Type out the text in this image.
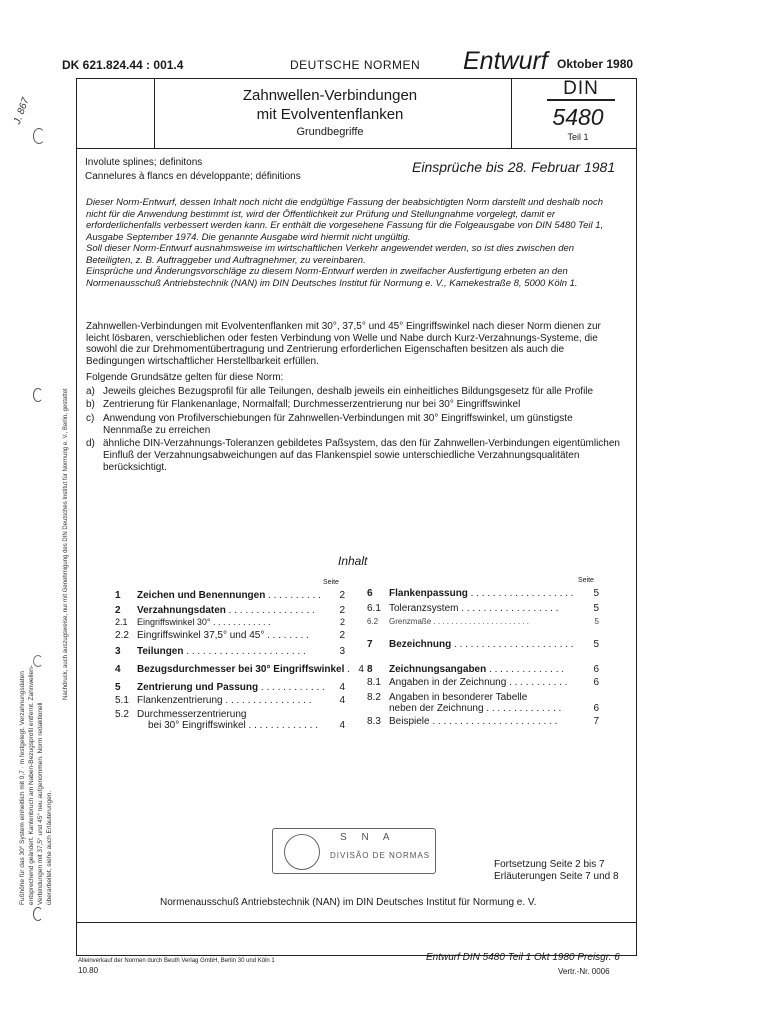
DK 621.824.44 : 001.4	DEUTSCHE NORMEN Entwurf Oktober 1980
J. 867
Zahnwellen-Verbindungen
mit Evolventenflanken
Grundbegriffe
DIN
5480
Teil 1
Involute splines; definitons
Cannelures à flancs en développante; définitions
Einsprüche bis 28. Februar 1981

Dieser Norm-Entwurf, dessen Inhalt noch nicht die endgültige Fassung der beabsichtigten Norm darstellt und deshalb noch nicht für die Anwendung bestimmt ist, wird der Öffentlichkeit zur Prüfung und Stellungnahme vorgelegt, damit er erforderlichenfalls verbessert werden kann. Er enthält die vorgesehene Fassung für die Folgeausgabe von DIN 5480 Teil 1, Ausgabe September 1974. Die genannte Ausgabe wird hiermit nicht ungültig.

Soll dieser Norm-Entwurf ausnahmsweise im wirtschaftlichen Verkehr angewendet werden, so ist dies zwischen den Beteiligten, z. B. Auftraggeber und Auftragnehmer, zu vereinbaren.

Einsprüche und Änderungsvorschläge zu diesem Norm-Entwurf werden in zweifacher Ausfertigung erbeten an den Normenausschuß Antriebstechnik (NAN) im DIN Deutsches Institut für Normung e. V., Kamekestraße 8, 5000 Köln 1.

Zahnwellen-Verbindungen mit Evolventenflanken mit 30°, 37,5° und 45° Eingriffswinkel nach dieser Norm dienen zur leicht lösbaren, verschieblichen oder festen Verbindung von Welle und Nabe durch Kurz-Verzahnungs-Systeme, die sowohl die zur Drehmomentübertragung und Zentrierung erforderlichen Eigenschaften besitzen als auch die Bedingungen wirtschaftlicher Herstellbarkeit erfüllen.

Folgende Grundsätze gelten für diese Norm:

a) Jeweils gleiches Bezugsprofil für alle Teilungen, deshalb jeweils ein einheitliches Bildungsgesetz für alle Profile
b) Zentrierung für Flankenanlage, Normalfall; Durchmesserzentrierung nur bei 30° Eingriffswinkel
c) Anwendung von Profilverschiebungen für Zahnwellen-Verbindungen mit 30° Eingriffswinkel, um günstigste Nennmaße zu erreichen
d) ähnliche DIN-Verzahnungs-Toleranzen gebildetes Paßsystem, das den für Zahnwellen-Verbindungen eigentümlichen Einfluß der Verzahnungsabweichungen auf das Flankenspiel sowie unterschiedliche Verzahnungsqualitäten berücksichtigt.
Inhalt
Seite	Seite
1	Zeichen und Benennungen . . . . . . . . . .	2
2	Verzahnungsdaten . . . . . . . . . . . . . . . .	2
2.1	Eingriffswinkel 30° . . . . . . . . . . . .	2
2.2 Eingriffswinkel 37,5° und 45° . . . . . . . .	2
3	Teilungen . . . . . . . . . . . . . . . . . . . . . .	3
4	Bezugsdurchmesser bei 30° Eingriffswinkel . 4
5	Zentrierung und Passung . . . . . . . . . . . .	4
5.1 Flankenzentrierung . . . . . . . . . . . . . . . .	4
5.2 Durchmesserzentrierung
bei 30° Eingriffswinkel . . . . . . . . . . . . .	4
6	Flankenpassung . . . . . . . . . . . . . . . . . . .	5
6.1 Toleranzsystem . . . . . . . . . . . . . . . . . .	5
6.2	Grenzmaße . . . . . . . . . . . . . . . . . . . . . .	5
7	Bezeichnung . . . . . . . . . . . . . . . . . . . . . .	5
8	Zeichnungsangaben . . . . . . . . . . . . . .	6
8.1 Angaben in der Zeichnung . . . . . . . . . . .	6
8.2 Angaben in besonderer Tabelle
neben der Zeichnung . . . . . . . . . . . . . .	6
8.3 Beispiele . . . . . . . . . . . . . . . . . . . . . . .	7
S N A
DIVISÃO DE NORMAS
Fortsetzung Seite 2 bis 7
Erläuterungen Seite 7 und 8
Normenausschuß Antriebstechnik (NAN) im DIN Deutsches Institut für Normung e. V.
Alleinverkauf der Normen durch Beuth Verlag GmbH, Berlin 30 und Köln 1
10.80
Entwurf DIN 5480 Teil 1 Okt 1980 Preisgr. 6
Vertr.-Nr. 0006
Nachdruck, auch auszugsweise, nur mit Genehmigung des DIN Deutsches Institut für Normung e. V., Berlin, gestattet
Fußhöhe für das 30° System einheitlich mit 0,7 · m festgelegt. Verzahnungsdaten entsprechend geändert. Kantenbruch am Naben-Bezugsprofil entfernt. Zahnwellen-Verbindungen mit 37,5° und 45° neu aufgenommen. Norm redaktionell überarbeitet, siehe auch Erläuterungen.
